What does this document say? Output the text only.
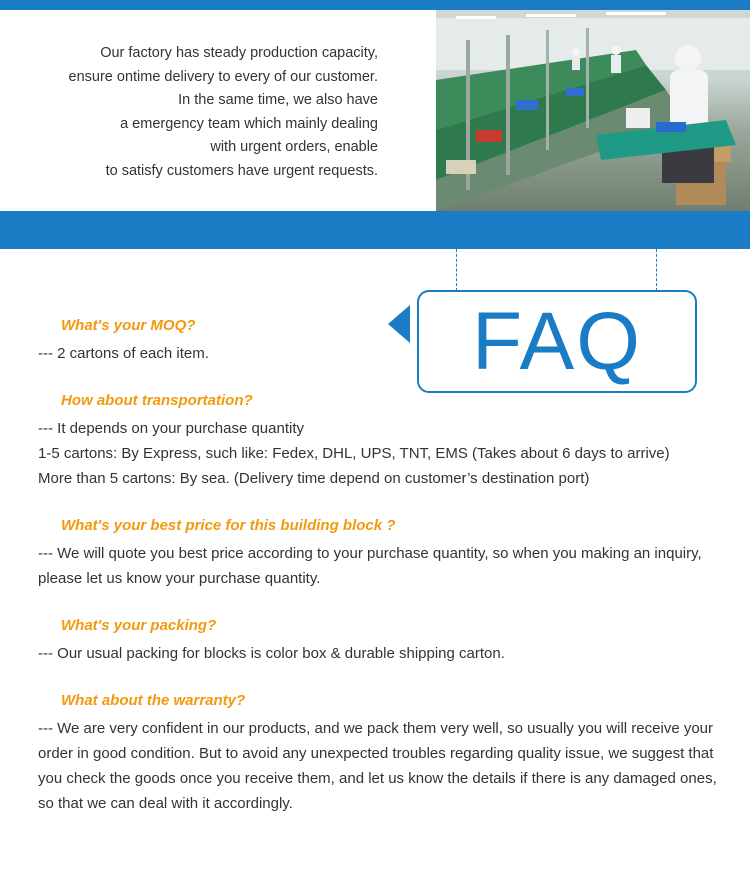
Our factory has steady production capacity,
ensure ontime delivery to every of our customer.
In the same time, we also have
a emergency team which mainly dealing
with urgent orders, enable
to satisfy customers have urgent requests.
FAQ
What's your MOQ?
--- 2 cartons of each item.
How about transportation?
--- It depends on your purchase quantity
1-5 cartons: By Express, such like: Fedex, DHL, UPS, TNT, EMS (Takes about 6 days to arrive)
More than 5 cartons: By sea. (Delivery time depend on customer’s destination port)
What's your best price for this building block ?
--- We will quote you best price according to your purchase quantity, so when you making an inquiry, please let us know your purchase quantity.
What's your packing?
--- Our usual packing for blocks is color box & durable shipping carton.
What about the warranty?
--- We are very confident in our products, and we pack them very well, so usually you will receive your order in good condition. But to avoid any unexpected troubles regarding quality issue, we suggest that you check the goods once you receive them, and let us know the details if there is any damaged ones, so that we can deal with it accordingly.
